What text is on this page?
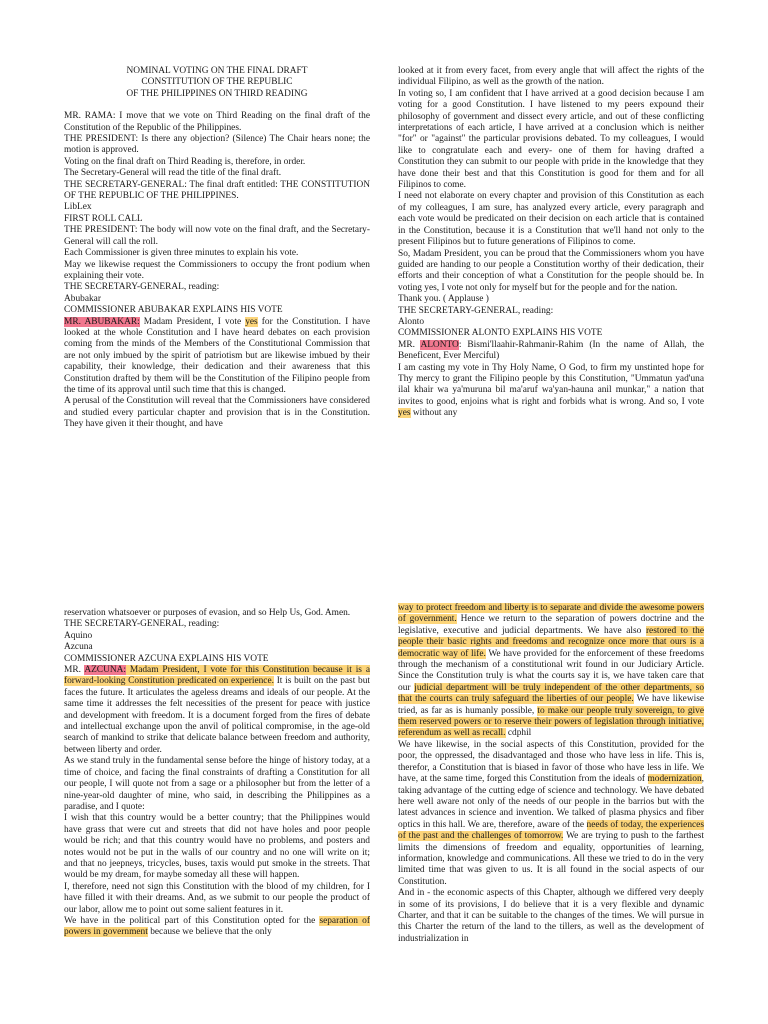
NOMINAL VOTING ON THE FINAL DRAFT

CONSTITUTION OF THE REPUBLIC

OF THE PHILIPPINES ON THIRD READING

MR. RAMA: I move that we vote on Third Reading on the final draft of the Constitution of the Republic of the Philippines.

THE PRESIDENT: Is there any objection? (Silence) The Chair hears none; the motion is approved.

Voting on the final draft on Third Reading is, therefore, in order.

The Secretary-General will read the title of the final draft.

THE SECRETARY-GENERAL: The final draft entitled: THE CONSTITUTION OF THE REPUBLIC OF THE PHILIPPINES.

LibLex

FIRST ROLL CALL

THE PRESIDENT: The body will now vote on the final draft, and the Secretary-General will call the roll.

Each Commissioner is given three minutes to explain his vote.

May we likewise request the Commissioners to occupy the front podium when explaining their vote.

THE SECRETARY-GENERAL, reading:

Abubakar

COMMISSIONER ABUBAKAR EXPLAINS HIS VOTE

MR. ABUBAKAR: Madam President, I vote yes for the Constitution. I have looked at the whole Constitution and I have heard debates on each provision coming from the minds of the Members of the Constitutional Commission that are not only imbued by the spirit of patriotism but are likewise imbued by their capability, their knowledge, their dedication and their awareness that this Constitution drafted by them will be the Constitution of the Filipino people from the time of its approval until such time that this is changed.

A perusal of the Constitution will reveal that the Commissioners have considered and studied every particular chapter and provision that is in the Constitution. They have given it their thought, and have

looked at it from every facet, from every angle that will affect the rights of the individual Filipino, as well as the growth of the nation.

In voting so, I am confident that I have arrived at a good decision because I am voting for a good Constitution. I have listened to my peers expound their philosophy of government and dissect every article, and out of these conflicting interpretations of each article, I have arrived at a conclusion which is neither "for" or "against" the particular provisions debated. To my colleagues, I would like to congratulate each and every- one of them for having drafted a Constitution they can submit to our people with pride in the knowledge that they have done their best and that this Constitution is good for them and for all Filipinos to come.

I need not elaborate on every chapter and provision of this Constitution as each of my colleagues, I am sure, has analyzed every article, every paragraph and each vote would be predicated on their decision on each article that is contained in the Constitution, because it is a Constitution that we'll hand not only to the present Filipinos but to future generations of Filipinos to come.

So, Madam President, you can be proud that the Commissioners whom you have guided are handing to our people a Constitution worthy of their dedication, their efforts and their conception of what a Constitution for the people should be. In voting yes, I vote not only for myself but for the people and for the nation.

Thank you. ( Applause )

THE SECRETARY-GENERAL, reading:

Alonto

COMMISSIONER ALONTO EXPLAINS HIS VOTE

MR. ALONTO: Bismi'llaahir-Rahmanir-Rahim (In the name of Allah, the Beneficent, Ever Merciful)

I am casting my vote in Thy Holy Name, O God, to firm my unstinted hope for Thy mercy to grant the Filipino people by this Constitution, "Ummatun yad'una ilal khair wa ya'muruna bil ma'aruf wa'yan-hauna anil munkar," a nation that invites to good, enjoins what is right and forbids what is wrong. And so, I vote yes without any

reservation whatsoever or purposes of evasion, and so Help Us, God. Amen.

THE SECRETARY-GENERAL, reading:

Aquino

Azcuna

COMMISSIONER AZCUNA EXPLAINS HIS VOTE

MR. AZCUNA: Madam President, I vote for this Constitution because it is a forward-looking Constitution predicated on experience. It is built on the past but faces the future. It articulates the ageless dreams and ideals of our people. At the same time it addresses the felt necessities of the present for peace with justice and development with freedom. It is a document forged from the fires of debate and intellectual exchange upon the anvil of political compromise, in the age-old search of mankind to strike that delicate balance between freedom and authority, between liberty and order.

As we stand truly in the fundamental sense before the hinge of history today, at a time of choice, and facing the final constraints of drafting a Constitution for all our people, I will quote not from a sage or a philosopher but from the letter of a nine-year-old daughter of mine, who said, in describing the Philippines as a paradise, and I quote:

I wish that this country would be a better country; that the Philippines would have grass that were cut and streets that did not have holes and poor people would be rich; and that this country would have no problems, and posters and notes would not be put in the walls of our country and no one will write on it; and that no jeepneys, tricycles, buses, taxis would put smoke in the streets. That would be my dream, for maybe someday all these will happen.

I, therefore, need not sign this Constitution with the blood of my children, for I have filled it with their dreams. And, as we submit to our people the product of our labor, allow me to point out some salient features in it.

We have in the political part of this Constitution opted for the separation of powers in government because we believe that the only

way to protect freedom and liberty is to separate and divide the awesome powers of government. Hence we return to the separation of powers doctrine and the legislative, executive and judicial departments. We have also restored to the people their basic rights and freedoms and recognize once more that ours is a democratic way of life. We have provided for the enforcement of these freedoms through the mechanism of a constitutional writ found in our Judiciary Article. Since the Constitution truly is what the courts say it is, we have taken care that our judicial department will be truly independent of the other departments, so that the courts can truly safeguard the liberties of our people. We have likewise tried, as far as is humanly possible, to make our people truly sovereign, to give them reserved powers or to reserve their powers of legislation through initiative, referendum as well as recall. cdphil

We have likewise, in the social aspects of this Constitution, provided for the poor, the oppressed, the disadvantaged and those who have less in life. This is, therefor, a Constitution that is biased in favor of those who have less in life. We have, at the same time, forged this Constitution from the ideals of modernization, taking advantage of the cutting edge of science and technology. We have debated here well aware not only of the needs of our people in the barrios but with the latest advances in science and invention. We talked of plasma physics and fiber optics in this hall. We are, therefore, aware of the needs of today, the experiences of the past and the challenges of tomorrow. We are trying to push to the farthest limits the dimensions of freedom and equality, opportunities of learning, information, knowledge and communications. All these we tried to do in the very limited time that was given to us. It is all found in the social aspects of our Constitution.

And in - the economic aspects of this Chapter, although we differed very deeply in some of its provisions, I do believe that it is a very flexible and dynamic Charter, and that it can be suitable to the changes of the times. We will pursue in this Charter the return of the land to the tillers, as well as the development of industrialization in
